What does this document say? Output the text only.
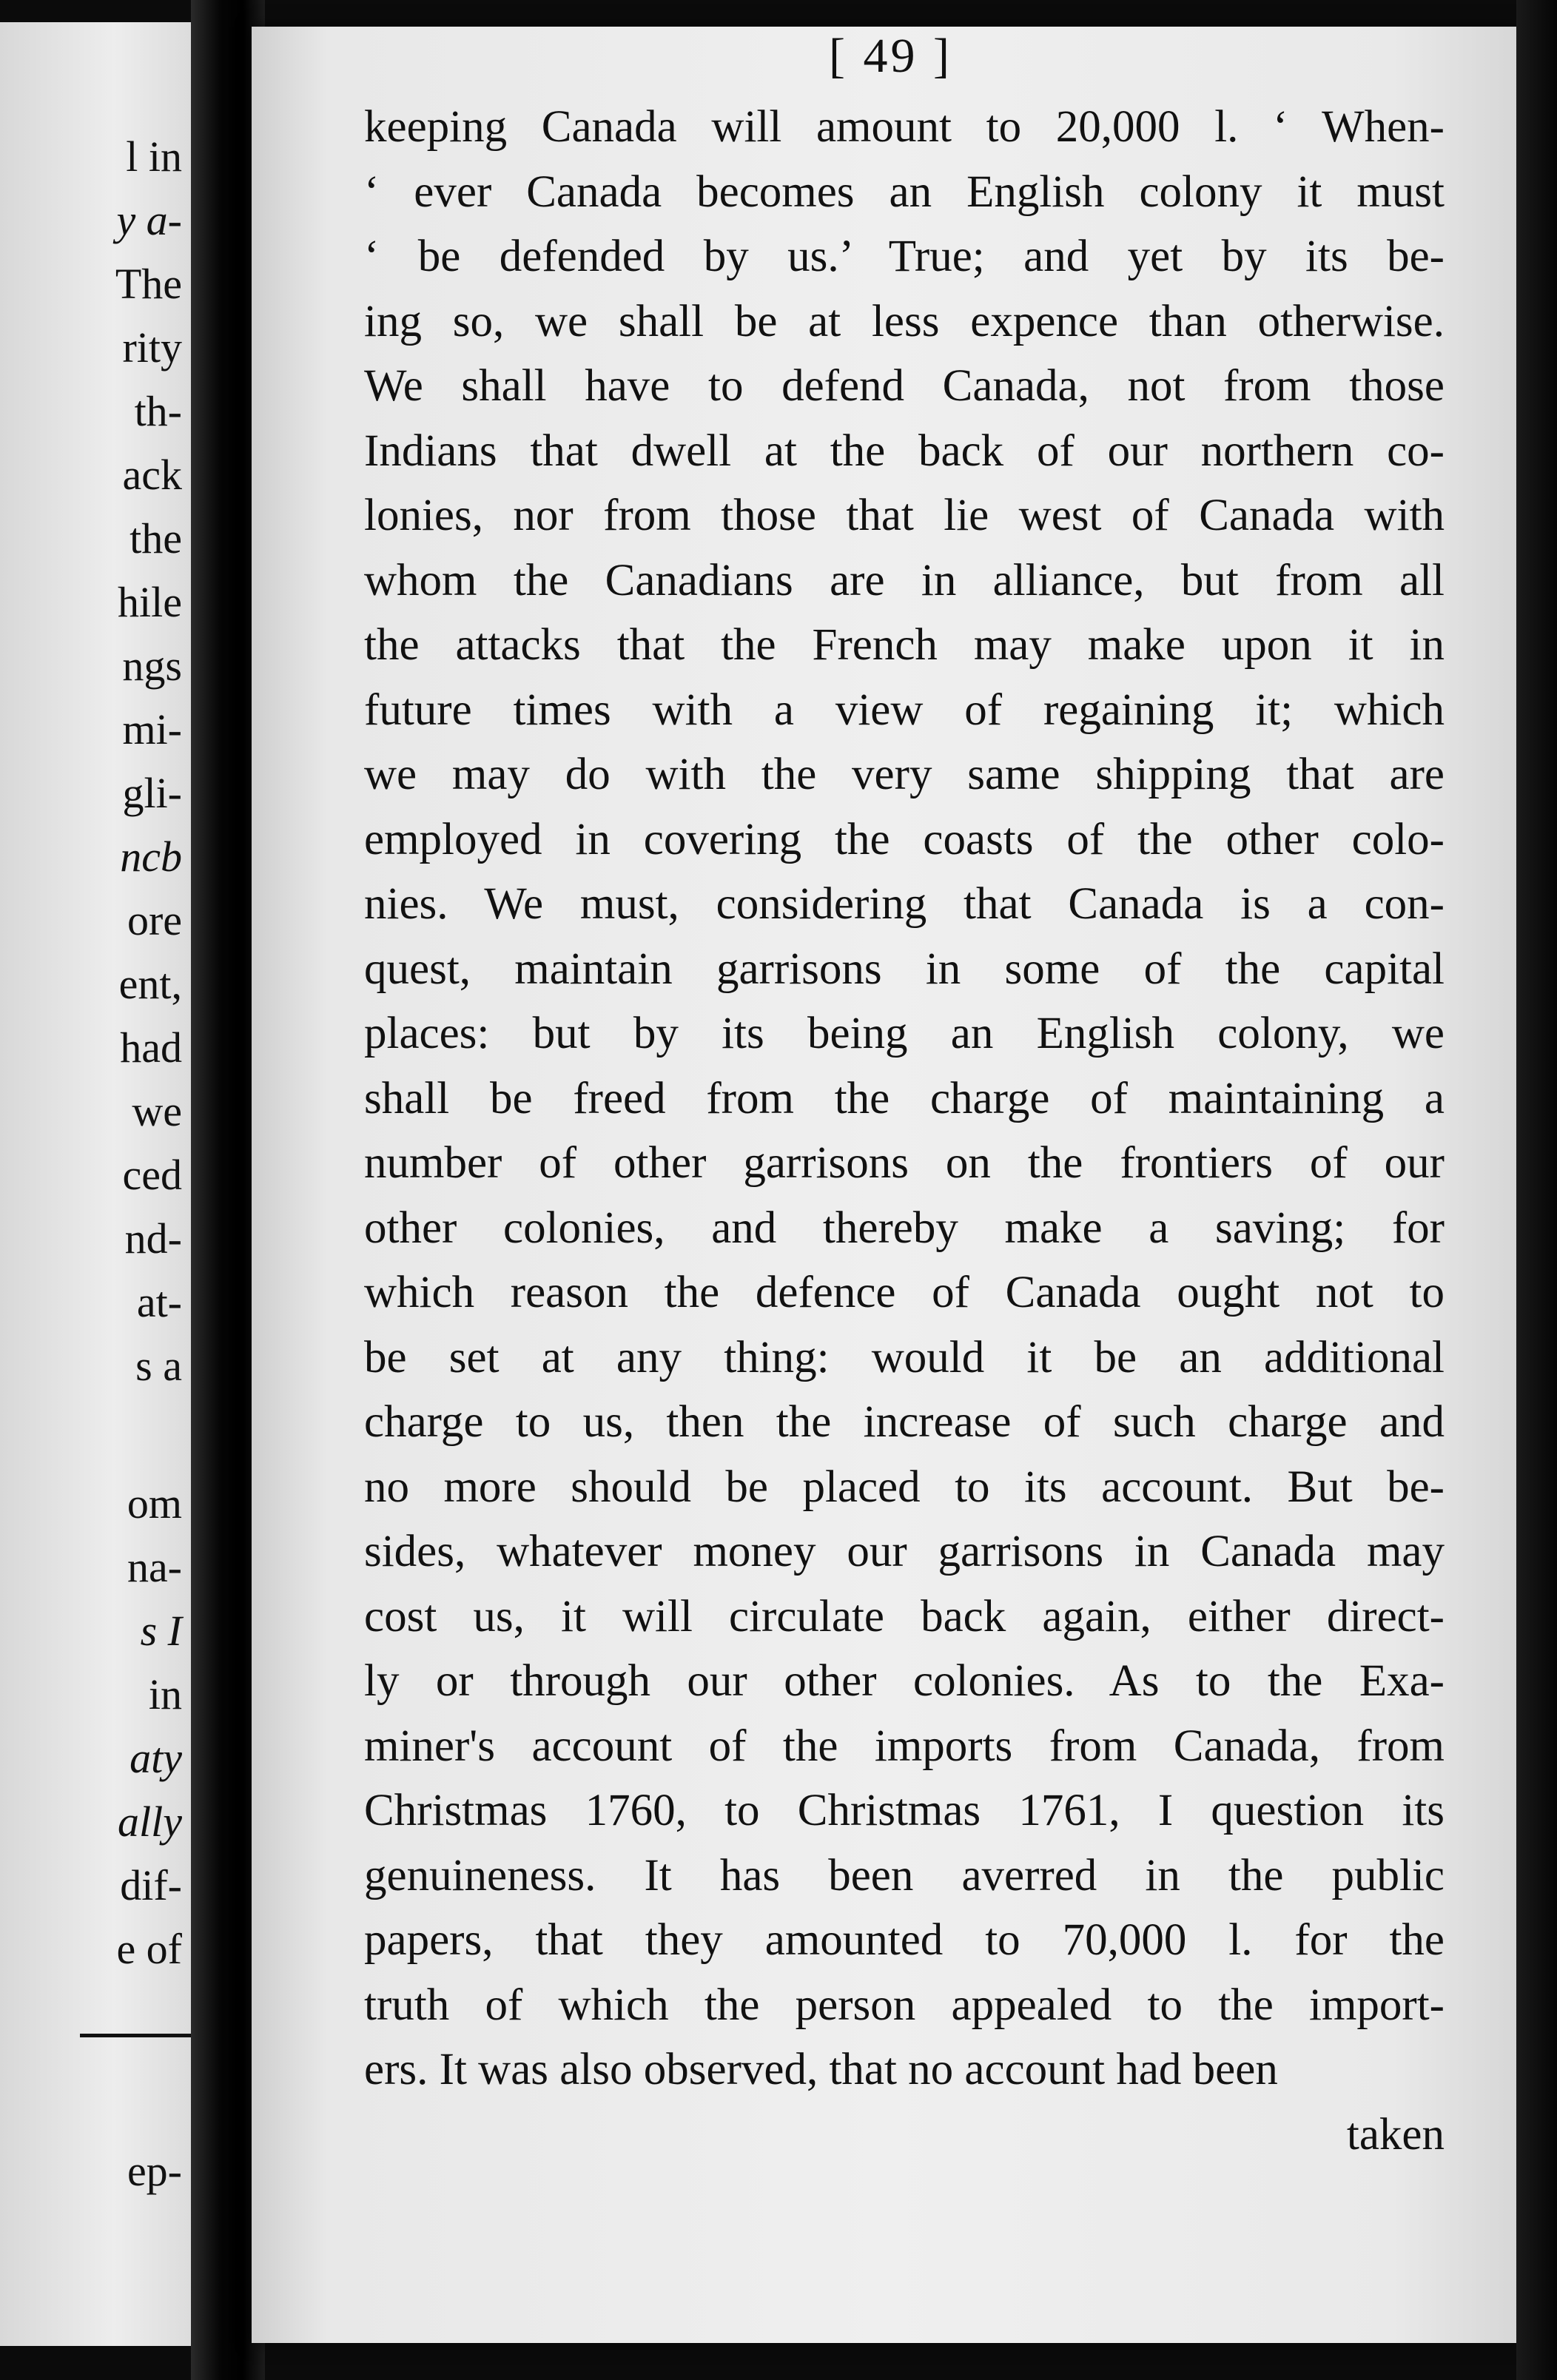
l in
y a-
The
rity
th-
ack
the
hile
ngs
mi-
gli-
ncb
ore
ent,
had
we
ced
nd-
at-
s a
om
na-
s I
in
aty
ally
dif-
e of
ep-
[ 49 ]
keeping Canada will amount to 20,000 l. ‘ When-
‘ ever Canada becomes an English colony it must
‘ be defended by us.’ True; and yet by its be-
ing so, we shall be at less expence than otherwise.
We shall have to defend Canada, not from those
Indians that dwell at the back of our northern co-
lonies, nor from those that lie west of Canada with
whom the Canadians are in alliance, but from all
the attacks that the French may make upon it in
future times with a view of regaining it; which
we may do with the very same shipping that are
employed in covering the coasts of the other colo-
nies. We must, considering that Canada is a con-
quest, maintain garrisons in some of the capital
places: but by its being an English colony, we
shall be freed from the charge of maintaining a
number of other garrisons on the frontiers of our
other colonies, and thereby make a saving; for
which reason the defence of Canada ought not to
be set at any thing: would it be an additional
charge to us, then the increase of such charge and
no more should be placed to its account. But be-
sides, whatever money our garrisons in Canada may
cost us, it will circulate back again, either direct-
ly or through our other colonies. As to the Exa-
miner's account of the imports from Canada, from
Christmas 1760, to Christmas 1761, I question its
genuineness. It has been averred in the public
papers, that they amounted to 70,000 l. for the
truth of which the person appealed to the import-
ers. It was also observed, that no account had been
taken
